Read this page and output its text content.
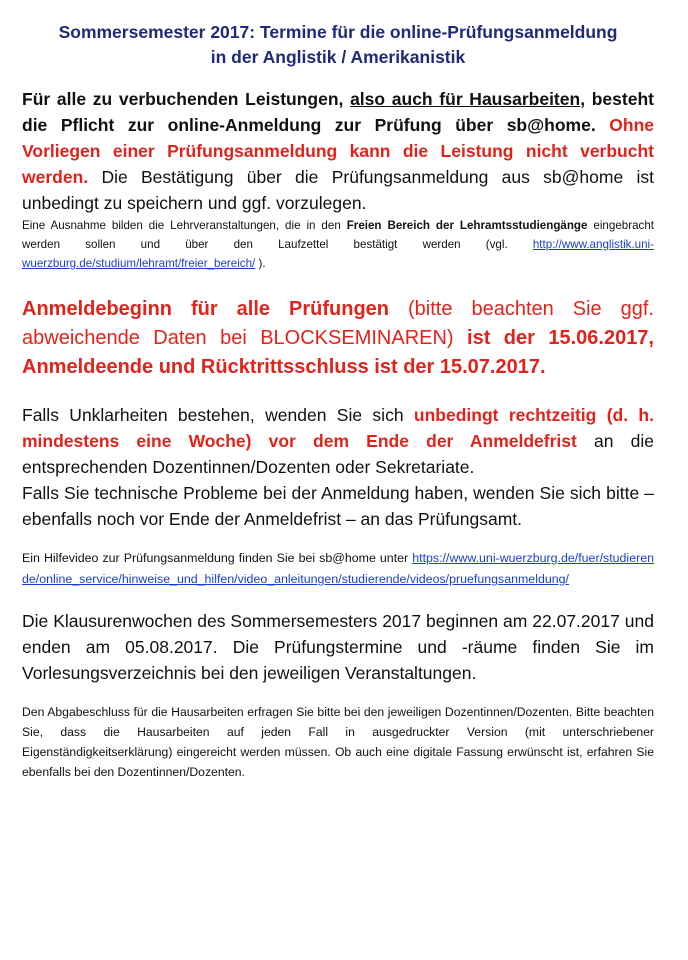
Sommersemester 2017: Termine für die online-Prüfungsanmeldung
in der Anglistik / Amerikanistik

Für alle zu verbuchenden Leistungen, also auch für Hausarbeiten, besteht die Pflicht zur online-Anmeldung zur Prüfung über sb@home. Ohne Vorliegen einer Prüfungsanmeldung kann die Leistung nicht verbucht werden. Die Bestätigung über die Prüfungsanmeldung aus sb@home ist unbedingt zu speichern und ggf. vorzulegen.

Eine Ausnahme bilden die Lehrveranstaltungen, die in den Freien Bereich der Lehramtsstudiengänge eingebracht werden sollen und über den Laufzettel bestätigt werden (vgl. http://www.anglistik.uni-wuerzburg.de/studium/lehramt/freier_bereich/ ).

Anmeldebeginn für alle Prüfungen (bitte beachten Sie ggf. abweichende Daten bei BLOCKSEMINAREN) ist der 15.06.2017, Anmeldeende und Rücktrittsschluss ist der 15.07.2017.

Falls Unklarheiten bestehen, wenden Sie sich unbedingt rechtzeitig (d. h. mindestens eine Woche) vor dem Ende der Anmeldefrist an die entsprechenden Dozentinnen/Dozenten oder Sekretariate.

Falls Sie technische Probleme bei der Anmeldung haben, wenden Sie sich bitte – ebenfalls noch vor Ende der Anmeldefrist – an das Prüfungsamt.

Ein Hilfevideo zur Prüfungsanmeldung finden Sie bei sb@home unter https://www.uni-wuerzburg.de/fuer/studierende/online_service/hinweise_und_hilfen/video_anleitungen/studierende/videos/pruefungsanmeldung/

Die Klausurenwochen des Sommersemesters 2017 beginnen am 22.07.2017 und enden am 05.08.2017. Die Prüfungstermine und -räume finden Sie im Vorlesungsverzeichnis bei den jeweiligen Veranstaltungen.

Den Abgabeschluss für die Hausarbeiten erfragen Sie bitte bei den jeweiligen Dozentinnen/Dozenten. Bitte beachten Sie, dass die Hausarbeiten auf jeden Fall in ausgedruckter Version (mit unterschriebener Eigenständigkeitserklärung) eingereicht werden müssen. Ob auch eine digitale Fassung erwünscht ist, erfahren Sie ebenfalls bei den Dozentinnen/Dozenten.
